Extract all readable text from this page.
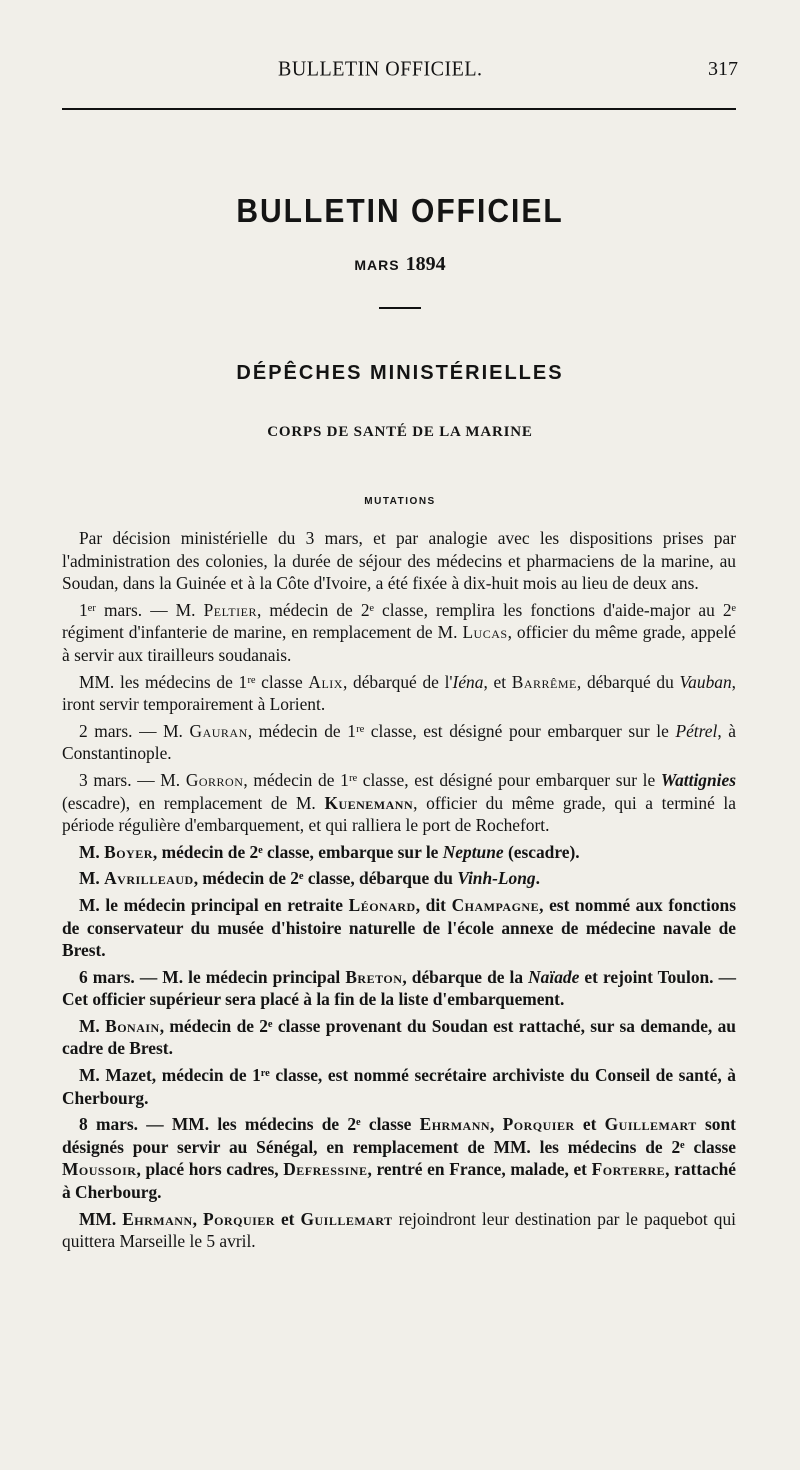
BULLETIN OFFICIEL.	317
BULLETIN OFFICIEL
MARS 1894
DÉPÊCHES MINISTÉRIELLES
CORPS DE SANTÉ DE LA MARINE
MUTATIONS

Par décision ministérielle du 3 mars, et par analogie avec les dispositions prises par l'administration des colonies, la durée de séjour des médecins et pharmaciens de la marine, au Soudan, dans la Guinée et à la Côte d'Ivoire, a été fixée à dix-huit mois au lieu de deux ans.

1ᵉʳ mars. — M. Peltier, médecin de 2ᵉ classe, remplira les fonctions d'aide-major au 2ᵉ régiment d'infanterie de marine, en remplacement de M. Lucas, officier du même grade, appelé à servir aux tirailleurs soudanais.

MM. les médecins de 1ʳᵉ classe Alix, débarqué de l'Iéna, et Barrême, débarqué du Vauban, iront servir temporairement à Lorient.

2 mars. — M. Gauran, médecin de 1ʳᵉ classe, est désigné pour embarquer sur le Pétrel, à Constantinople.

3 mars. — M. Gorron, médecin de 1ʳᵉ classe, est désigné pour embarquer sur le Wattignies (escadre), en remplacement de M. Kuenemann, officier du même grade, qui a terminé la période régulière d'embarquement, et qui ralliera le port de Rochefort.

M. Boyer, médecin de 2ᵉ classe, embarque sur le Neptune (escadre).

M. Avrilleaud, médecin de 2ᵉ classe, débarque du Vinh-Long.

M. le médecin principal en retraite Léonard, dit Champagne, est nommé aux fonctions de conservateur du musée d'histoire naturelle de l'école annexe de médecine navale de Brest.

6 mars. — M. le médecin principal Breton, débarque de la Naïade et rejoint Toulon. — Cet officier supérieur sera placé à la fin de la liste d'embarquement.

M. Bonain, médecin de 2ᵉ classe provenant du Soudan est rattaché, sur sa demande, au cadre de Brest.

M. Mazet, médecin de 1ʳᵉ classe, est nommé secrétaire archiviste du Conseil de santé, à Cherbourg.

8 mars. — MM. les médecins de 2ᵉ classe Ehrmann, Porquier et Guillemart sont désignés pour servir au Sénégal, en remplacement de MM. les médecins de 2ᵉ classe Moussoir, placé hors cadres, Defressine, rentré en France, malade, et Forterre, rattaché à Cherbourg.

MM. Ehrmann, Porquier et Guillemart rejoindront leur destination par le paquebot qui quittera Marseille le 5 avril.
